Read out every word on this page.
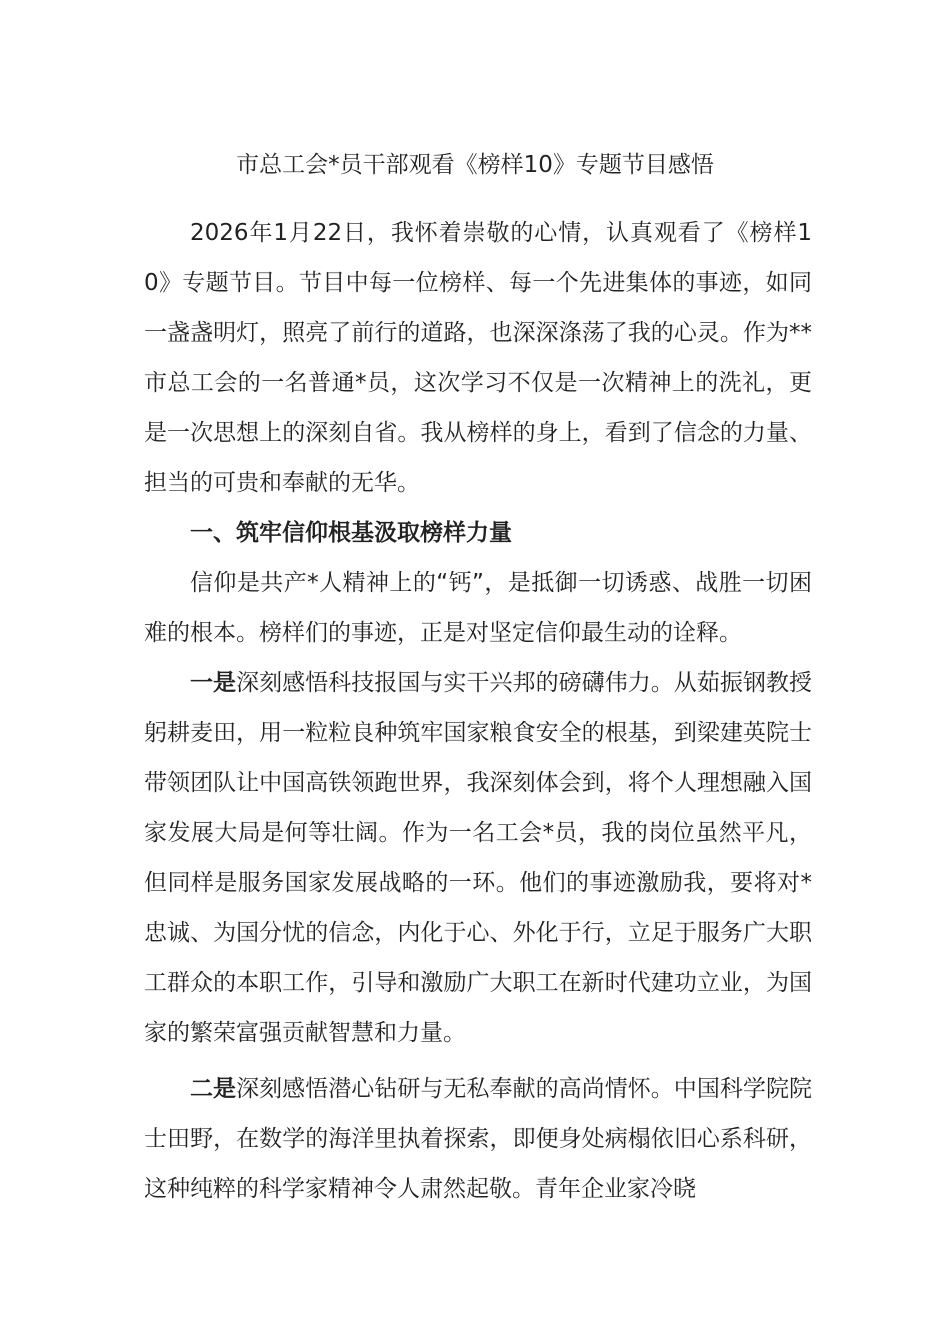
市总工会*员干部观看《榜样10》专题节目感悟

2026年1月22日，我怀着崇敬的心情，认真观看了《榜样10》专题节目。节目中每一位榜样、每一个先进集体的事迹，如同一盏盏明灯，照亮了前行的道路，也深深涤荡了我的心灵。作为**市总工会的一名普通*员，这次学习不仅是一次精神上的洗礼，更是一次思想上的深刻自省。我从榜样的身上，看到了信念的力量、担当的可贵和奉献的无华。

一、筑牢信仰根基汲取榜样力量

信仰是共产*人精神上的“钙”，是抵御一切诱惑、战胜一切困难的根本。榜样们的事迹，正是对坚定信仰最生动的诠释。

一是深刻感悟科技报国与实干兴邦的磅礴伟力。从茹振钢教授躬耕麦田，用一粒粒良种筑牢国家粮食安全的根基，到梁建英院士带领团队让中国高铁领跑世界，我深刻体会到，将个人理想融入国家发展大局是何等壮阔。作为一名工会*员，我的岗位虽然平凡，但同样是服务国家发展战略的一环。他们的事迹激励我，要将对*忠诚、为国分忧的信念，内化于心、外化于行，立足于服务广大职工群众的本职工作，引导和激励广大职工在新时代建功立业，为国家的繁荣富强贡献智慧和力量。

二是深刻感悟潜心钻研与无私奉献的高尚情怀。中国科学院院士田野，在数学的海洋里执着探索，即便身处病榻依旧心系科研，这种纯粹的科学家精神令人肃然起敬。青年企业家冷晓
